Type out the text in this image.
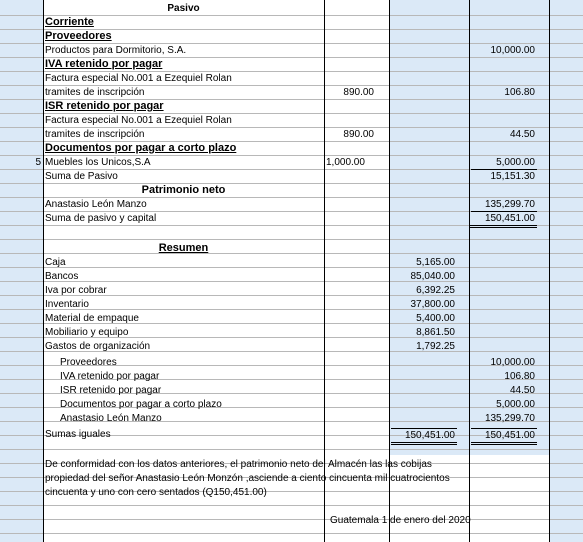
Pasivo
Corriente
Proveedores
Productos para Dormitorio, S.A.	10,000.00
IVA retenido por pagar
Factura especial No.001 a Ezequiel Rolan
tramites de inscripción	890.00	106.80
ISR retenido por pagar
Factura especial No.001 a Ezequiel Rolan
tramites de inscripción	890.00	44.50
Documentos por pagar a corto plazo
5 Muebles los Unicos,S.A	1,000.00	5,000.00
Suma de Pasivo	15,151.30
Patrimonio neto
Anastasio León Manzo	135,299.70
Suma de pasivo y capital	150,451.00
Resumen
Caja	5,165.00
Bancos	85,040.00
Iva por cobrar	6,392.25
Inventario	37,800.00
Material de empaque	5,400.00
Mobiliario y equipo	8,861.50
Gastos de organización	1,792.25
Proveedores	10,000.00
IVA retenido por pagar	106.80
ISR retenido por pagar	44.50
Documentos por pagar a corto plazo	5,000.00
Anastasio León Manzo	135,299.70
Sumas iguales	150,451.00	150,451.00
De conformidad con los datos anteriores, el patrimonio neto del Almacén las las cobijas
propiedad del señor Anastasio León Monzón ,asciende a ciento cincuenta mil cuatrocientos
cincuenta y uno con cero sentados (Q150,451.00)
Guatemala 1 de enero del 2020
